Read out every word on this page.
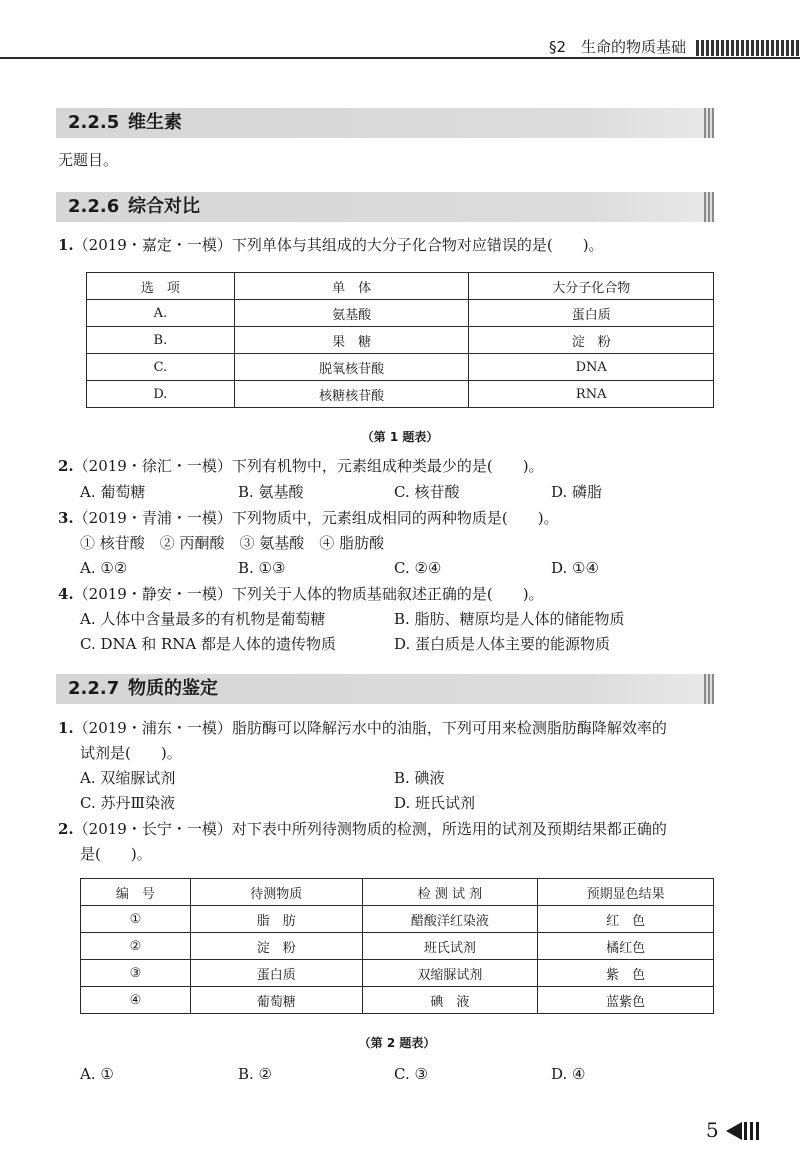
§2　生命的物质基础
2.2.5 维生素
无题目。
2.2.6 综合对比
1.（2019・嘉定・一模）下列单体与其组成的大分子化合物对应错误的是(　　)。
选　项	单　体	大分子化合物
A.	氨基酸	蛋白质
B.	果　糖	淀　粉
C.	脱氧核苷酸	DNA
D.	核糖核苷酸	RNA
（第 1 题表）
2.（2019・徐汇・一模）下列有机物中，元素组成种类最少的是(　　)。
A. 葡萄糖	B. 氨基酸	C. 核苷酸	D. 磷脂
3.（2019・青浦・一模）下列物质中，元素组成相同的两种物质是(　　)。
① 核苷酸　② 丙酮酸　③ 氨基酸　④ 脂肪酸
A. ①②	B. ①③	C. ②④	D. ①④
4.（2019・静安・一模）下列关于人体的物质基础叙述正确的是(　　)。
A. 人体中含量最多的有机物是葡萄糖	B. 脂肪、糖原均是人体的储能物质
C. DNA 和 RNA 都是人体的遗传物质	D. 蛋白质是人体主要的能源物质
2.2.7 物质的鉴定
1.（2019・浦东・一模）脂肪酶可以降解污水中的油脂，下列可用来检测脂肪酶降解效率的
试剂是(　　)。
A. 双缩脲试剂	B. 碘液
C. 苏丹Ⅲ染液	D. 班氏试剂
2.（2019・长宁・一模）对下表中所列待测物质的检测，所选用的试剂及预期结果都正确的
是(　　)。
编　号	待测物质	检 测 试 剂	预期显色结果
①	脂　肪	醋酸洋红染液	红　色
②	淀　粉	班氏试剂	橘红色
③	蛋白质	双缩脲试剂	紫　色
④	葡萄糖	碘　液	蓝紫色
（第 2 题表）
A. ①	B. ②	C. ③	D. ④
5
